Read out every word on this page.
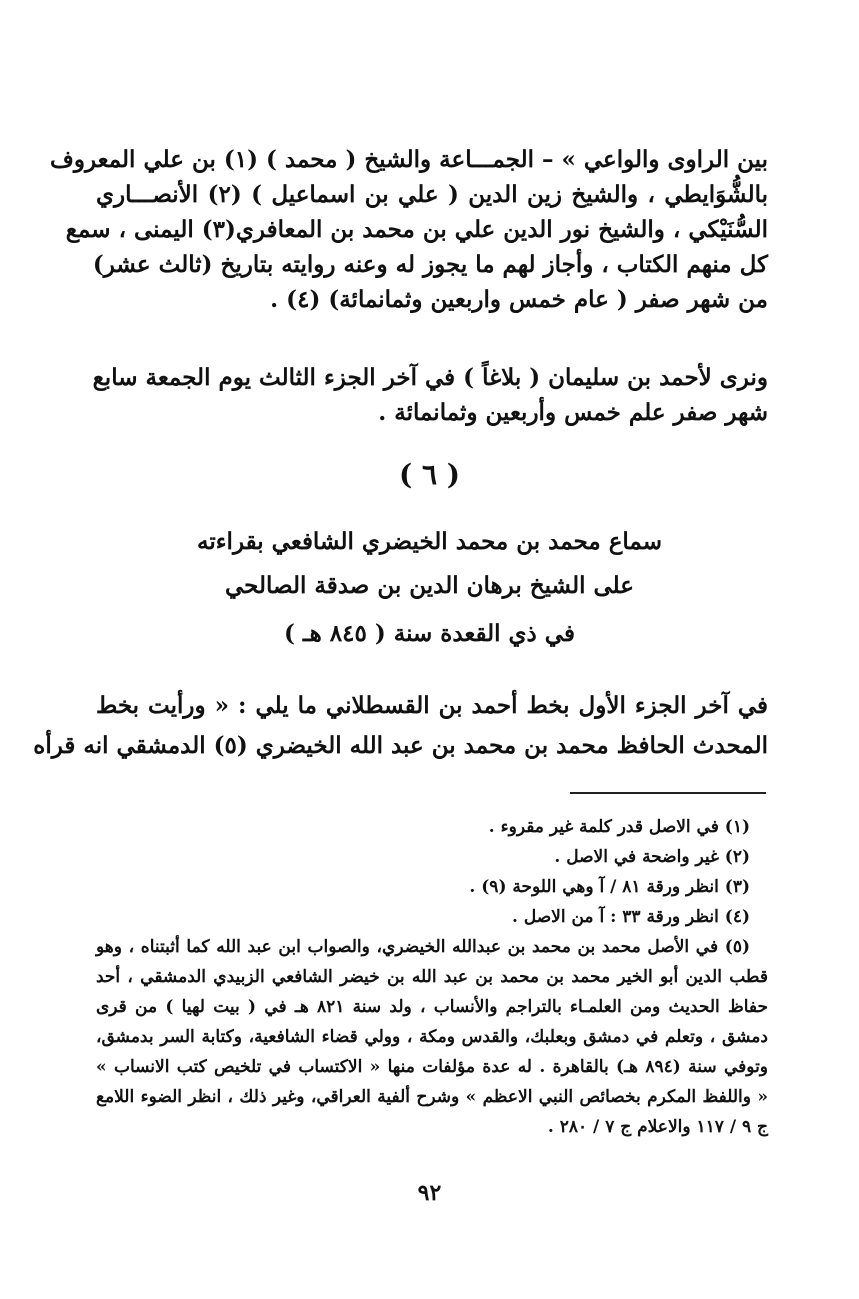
بين الراوى والواعي » – الجمـــاعة والشيخ ( محمد ) (١) بن علي المعروف
بالشُّوَايطي ، والشيخ زين الدين ( علي بن اسماعيل ) (٢) الأنصـــاري
السُّنَيْكي ، والشيخ نور الدين علي بن محمد بن المعافري(٣) اليمنى ، سمع
كل منهم الكتاب ، وأجاز لهم ما يجوز له وعنه روايته بتاريخ (ثالث عشر)
من شهر صفر ( عام خمس واربعين وثمانمائة) (٤) .
ونرى لأحمد بن سليمان ( بلاغاً ) في آخر الجزء الثالث يوم الجمعة سابع
شهر صفر علم خمس وأربعين وثمانمائة .
( ٦ )
سماع محمد بن محمد الخيضري الشافعي بقراءته
على الشيخ برهان الدين بن صدقة الصالحي
في ذي القعدة سنة ( ٨٤٥ هـ )
في آخر الجزء الأول بخط أحمد بن القسطلاني ما يلي : « ورأيت بخط
المحدث الحافظ محمد بن محمد بن عبد الله الخيضري (٥) الدمشقي انه قرأه
(١) في الاصل قدر كلمة غير مقروء .
(٢) غير واضحة في الاصل .
(٣) انظر ورقة ٨١ / آ وهي اللوحة (٩) .
(٤) انظر ورقة ٣٣ : آ من الاصل .
(٥) في الأصل محمد بن محمد بن عبدالله الخيضري، والصواب ابن عبد الله كما أثبتناه ، وهو
قطب الدين أبو الخير محمد بن محمد بن عبد الله بن خيضر الشافعي الزبيدي الدمشقي ، أحد
حفاظ الحديث ومن العلمـاء بالتراجم والأنساب ، ولد سنة ٨٢١ هـ في ( بيت لهيا ) من قرى
دمشق ، وتعلم في دمشق وبعلبك، والقدس ومكة ، وولي قضاء الشافعية، وكتابة السر بدمشق،
وتوفي سنة (٨٩٤ هـ) بالقاهرة . له عدة مؤلفات منها « الاكتساب في تلخيص كتب الانساب »
« واللفظ المكرم بخصائص النبي الاعظم » وشرح ألفية العراقي، وغير ذلك ، انظر الضوء اللامع
ج ٩ / ١١٧ والاعلام ج ٧ / ٢٨٠ .
٩٢
